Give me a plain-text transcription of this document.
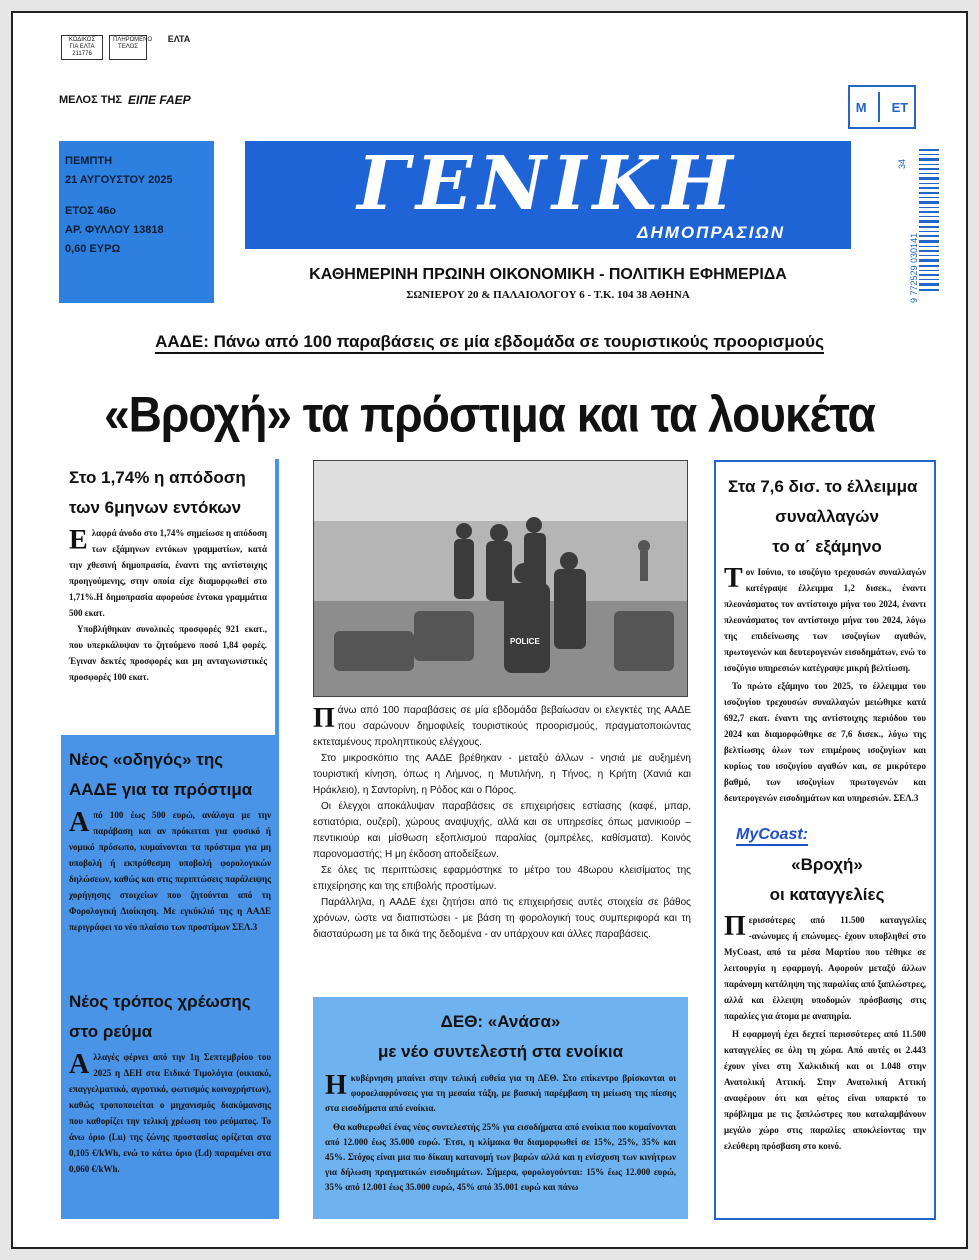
ΚΩΔΙΚΟΣ ΓΙΑ ΕΛΤΑ 211776
ΠΛΗΡΩΜΕΝΟ ΤΕΛΟΣ
ΕΛΤΑ
ΜΕΛΟΣ ΤΗΣ ΕΙΠΕ FAEP	Μ ΕΤ
ΠΕΜΠΤΗ
21 ΑΥΓΟΥΣΤΟΥ 2025
ΕΤΟΣ 46ο
ΑΡ. ΦΥΛΛΟΥ 13818
0,60 ΕΥΡΩ
ΓΕΝΙΚΗ
ΔΗΜΟΠΡΑΣΙΩΝ
ΚΑΘΗΜΕΡΙΝΗ ΠΡΩΙΝΗ ΟΙΚΟΝΟΜΙΚΗ - ΠΟΛΙΤΙΚΗ ΕΦΗΜΕΡΙΔΑ
ΣΩΝΙΕΡΟΥ 20 & ΠΑΛΑΙΟΛΟΓΟΥ 6 - Τ.Κ. 104 38 ΑΘΗΝΑ
34
9 772529 030141
ΑΑΔΕ: Πάνω από 100 παραβάσεις σε μία εβδομάδα σε τουριστικούς προορισμούς
«Βροχή» τα πρόστιμα και τα λουκέτα
Στο 1,74% η απόδοση
των 6μηνων εντόκων

Ελαφρά άνοδο στο 1,74% σημείωσε η απόδοση των εξάμηνων εντόκων γραμματίων, κατά την χθεσινή δημοπρασία, έναντι της αντίστοιχης προηγούμενης, στην οποία είχε διαμορφωθεί στο 1,71%.Η δημοπρασία αφορούσε έντοκα γραμμάτια 500 εκατ.

Υποβλήθηκαν συνολικές προσφορές 921 εκατ., που υπερκάλυψαν το ζητούμενο ποσό 1,84 φορές. Έγιναν δεκτές προσφορές και μη ανταγωνιστικές προσφορές 100 εκατ.

Νέος «οδηγός» της
ΑΑΔΕ για τα πρόστιμα

Από 100 έως 500 ευρώ, ανάλογα με την παράβαση και αν πρόκειται για φυσικό ή νομικό πρόσωπο, κυμαίνονται τα πρόστιμα για μη υποβολή ή εκπρόθεσμη υποβολή φορολογικών δηλώσεων, καθώς και στις περιπτώσεις παράλειψης χορήγησης στοιχείων που ζητούνται από τη Φορολογική Διοίκηση. Με εγκύκλιό της η ΑΑΔΕ περιγράφει το νέο πλαίσιο των προστίμων ΣΕΛ.3

Νέος τρόπος χρέωσης
στο ρεύμα

Αλλαγές φέρνει από την 1η Σεπτεμβρίου του 2025 η ΔΕΗ στα Ειδικά Τιμολόγια (οικιακό, επαγγελματικό, αγροτικό, φωτισμός κοινοχρήστων), καθώς τροποποιείται ο μηχανισμός διακύμανσης που καθορίζει την τελική χρέωση του ρεύματος. Το άνω όριο (Lu) της ζώνης προστασίας ορίζεται στα 0,105 €/kWh, ενώ το κάτω όριο (Ld) παραμένει στα 0,060 €/kWh.

POLICE

Πάνω από 100 παραβάσεις σε μία εβδομάδα βεβαίωσαν οι ελεγκτές της ΑΑΔΕ που σαρώνουν δημοφιλείς τουριστικούς προορισμούς, πραγματοποιώντας εκτεταμένους προληπτικούς ελέγχους.

Στο μικροσκόπιο της ΑΑΔΕ βρέθηκαν - μεταξύ άλλων - νησιά με αυξημένη τουριστική κίνηση, όπως η Λήμνος, η Μυτιλήνη, η Τήνος, η Κρήτη (Χανιά και Ηράκλειο), η Σαντορίνη, η Ρόδος και ο Πόρος.

Οι έλεγχοι αποκάλυψαν παραβάσεις σε επιχειρήσεις εστίασης (καφέ, μπαρ, εστιατόρια, ουζερί), χώρους αναψυχής, αλλά και σε υπηρεσίες όπως μανικιούρ – πεντικιούρ και μίσθωση εξοπλισμού παραλίας (ομπρέλες, καθίσματα). Κοινός παρονομαστής; Η μη έκδοση αποδείξεων.

Σε όλες τις περιπτώσεις εφαρμόστηκε το μέτρο του 48ωρου κλεισίματος της επιχείρησης και της επιβολής προστίμων.

Παράλληλα, η ΑΑΔΕ έχει ζητήσει από τις επιχειρήσεις αυτές στοιχεία σε βάθος χρόνων, ώστε να διαπιστώσει - με βάση τη φορολογική τους συμπεριφορά και τη διασταύρωση με τα δικά της δεδομένα - αν υπάρχουν και άλλες παραβάσεις.

ΔΕΘ: «Ανάσα»
με νέο συντελεστή στα ενοίκια

Ηκυβέρνηση μπαίνει στην τελική ευθεία για τη ΔΕΘ. Στο επίκεντρο βρίσκονται οι φοροελαφρύνσεις για τη μεσαία τάξη, με βασική παρέμβαση τη μείωση της πίεσης στα εισοδήματα από ενοίκια.

Θα καθιερωθεί ένας νέος συντελεστής 25% για εισοδήματα από ενοίκια που κυμαίνονται από 12.000 έως 35.000 ευρώ. Έτσι, η κλίμακα θα διαμορφωθεί σε 15%, 25%, 35% και 45%. Στόχος είναι μια πιο δίκαιη κατανομή των βαρών αλλά και η ενίσχυση των κινήτρων για δήλωση πραγματικών εισοδημάτων. Σήμερα, φορολογούνται: 15% έως 12.000 ευρώ, 35% από 12.001 έως 35.000 ευρώ, 45% από 35.001 ευρώ και πάνω

Στα 7,6 δισ. το έλλειμμα
συναλλαγών
το α΄ εξάμηνο

Τον Ιούνιο, το ισοζύγιο τρεχουσών συναλλαγών κατέγραψε έλλειμμα 1,2 δισεκ., έναντι πλεονάσματος τον αντίστοιχο μήνα του 2024, έναντι πλεονάσματος τον αντίστοιχο μήνα του 2024, λόγω της επιδείνωσης των ισοζυγίων αγαθών, πρωτογενών και δευτερογενών εισοδημάτων, ενώ το ισοζύγιο υπηρεσιών κατέγραψε μικρή βελτίωση.

Το πρώτο εξάμηνο του 2025, το έλλειμμα του ισοζυγίου τρεχουσών συναλλαγών μειώθηκε κατά 692,7 εκατ. έναντι της αντίστοιχης περιόδου του 2024 και διαμορφώθηκε σε 7,6 δισεκ., λόγω της βελτίωσης όλων των επιμέρους ισοζυγίων και κυρίως του ισοζυγίου αγαθών και, σε μικρότερο βαθμό, των ισοζυγίων πρωτογενών και δευτερογενών εισοδημάτων και υπηρεσιών. ΣΕΛ.3

MyCoast:
«Βροχή»
οι καταγγελίες

Περισσότερες από 11.500 καταγγελίες -ανώνυμες ή επώνυμες- έχουν υποβληθεί στο MyCoast, από τα μέσα Μαρτίου που τέθηκε σε λειτουργία η εφαρμογή. Αφορούν μεταξύ άλλων παράνομη κατάληψη της παραλίας από ξαπλώστρες, αλλά και έλλειψη υποδομών πρόσβασης στις παραλίες για άτομα με αναπηρία.

Η εφαρμογή έχει δεχτεί περισσότερες από 11.500 καταγγελίες σε όλη τη χώρα. Από αυτές οι 2.443 έχουν γίνει στη Χαλκιδική και οι 1.048 στην Ανατολική Αττική. Στην Ανατολική Αττική αναφέρουν ότι και φέτος είναι υπαρκτό το πρόβλημα με τις ξαπλώστρες που καταλαμβάνουν μεγάλο χώρο στις παραλίες αποκλείοντας την ελεύθερη πρόσβαση στο κοινό.
